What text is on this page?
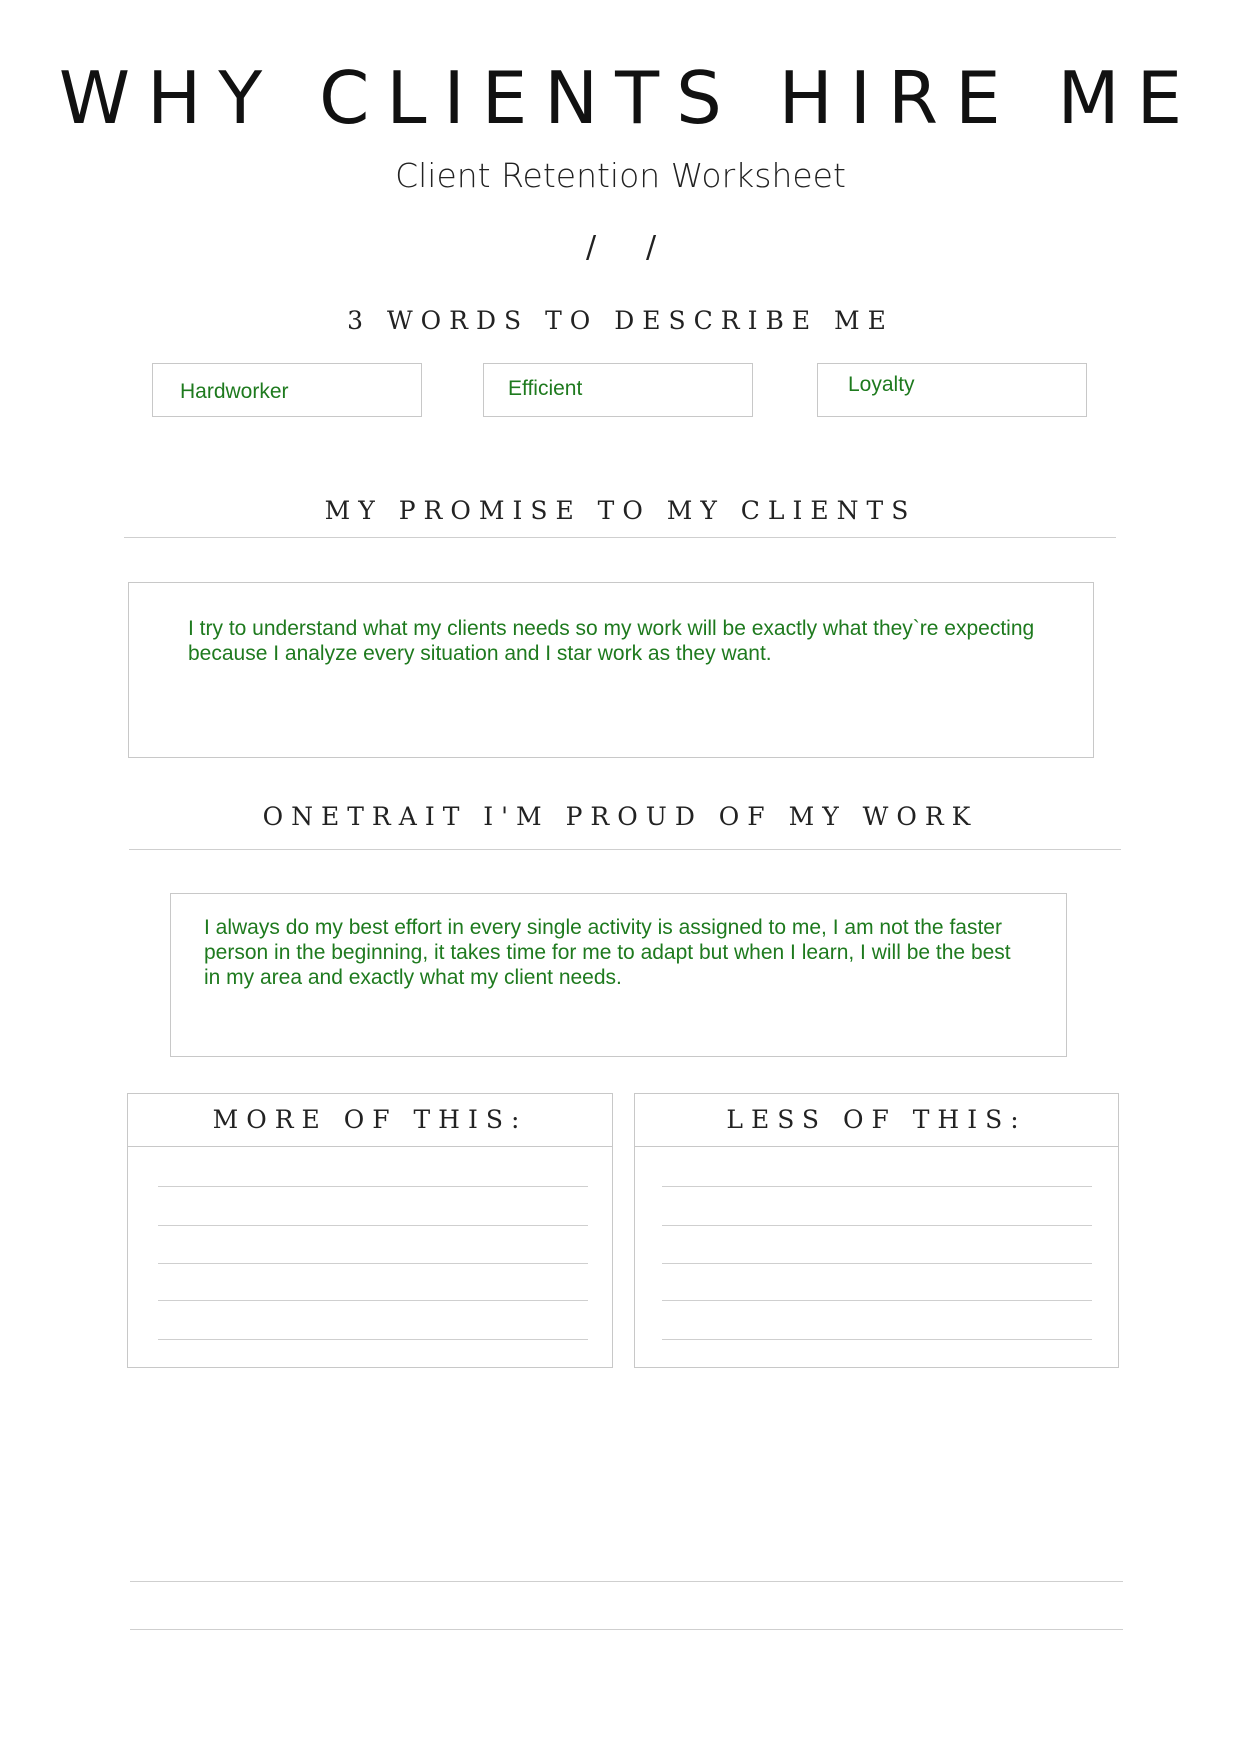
WHY CLIENTS HIRE ME
Client Retention Worksheet
/ /
3 WORDS TO DESCRIBE ME
Hardworker	Efficient	Loyalty
MY PROMISE TO MY CLIENTS
I try to understand what my clients needs so my work will be exactly what they`re expecting
because I analyze every situation and I star work as they want.
ONETRAIT I'M PROUD OF MY WORK
I always do my best effort in every single activity is assigned to me, I am not the faster
person in the beginning, it takes time for me to adapt but when I learn, I will be the best
in my area and exactly what my client needs.
MORE OF THIS:	LESS OF THIS:
